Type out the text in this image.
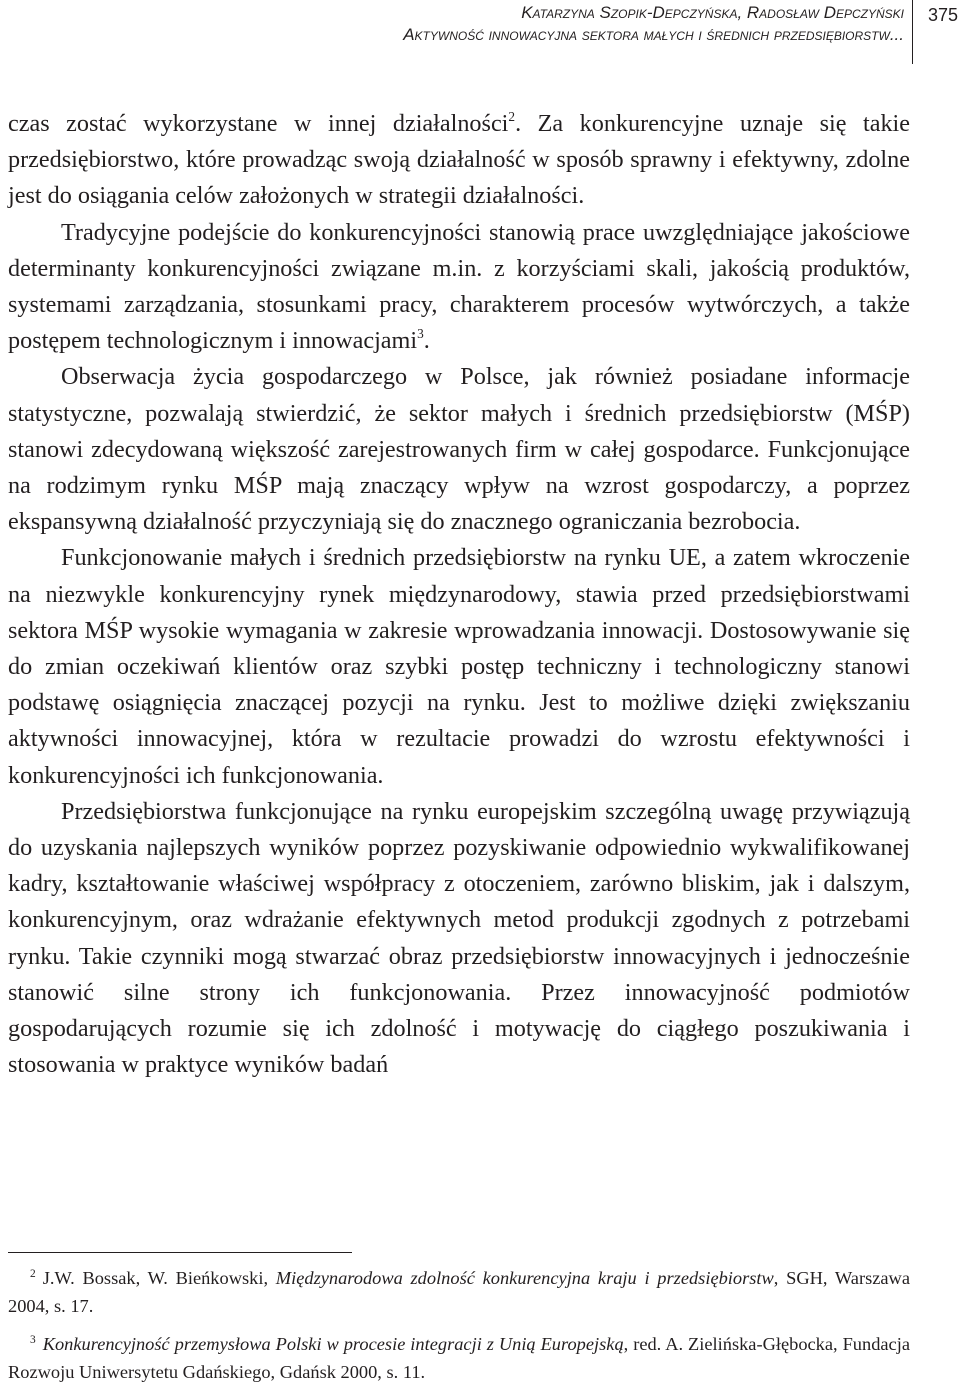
Katarzyna Szopik-Depczyńska, Radosław Depczyński
Aktywność innowacyjna sektora małych i średnich przedsiębiorstw...
375

czas zostać wykorzystane w innej działalności$^2$. Za konkurencyjne uznaje się takie przedsiębiorstwo, które prowadząc swoją działalność w sposób sprawny i efektywny, zdolne jest do osiągania celów założonych w strategii działalności.

Tradycyjne podejście do konkurencyjności stanowią prace uwzględniające jakościowe determinanty konkurencyjności związane m.in. z korzyściami skali, jakością produktów, systemami zarządzania, stosunkami pracy, charakterem procesów wytwórczych, a także postępem technologicznym i innowacjami$^3$.

Obserwacja życia gospodarczego w Polsce, jak również posiadane informacje statystyczne, pozwalają stwierdzić, że sektor małych i średnich przedsiębiorstw (MŚP) stanowi zdecydowaną większość zarejestrowanych firm w całej gospodarce. Funkcjonujące na rodzimym rynku MŚP mają znaczący wpływ na wzrost gospodarczy, a poprzez ekspansywną działalność przyczyniają się do znacznego ograniczania bezrobocia.

Funkcjonowanie małych i średnich przedsiębiorstw na rynku UE, a zatem wkroczenie na niezwykle konkurencyjny rynek międzynarodowy, stawia przed przedsiębiorstwami sektora MŚP wysokie wymagania w zakresie wprowadzania innowacji. Dostosowywanie się do zmian oczekiwań klientów oraz szybki postęp techniczny i technologiczny stanowi podstawę osiągnięcia znaczącej pozycji na rynku. Jest to możliwe dzięki zwiększaniu aktywności innowacyjnej, która w rezultacie prowadzi do wzrostu efektywności i konkurencyjności ich funkcjonowania.

Przedsiębiorstwa funkcjonujące na rynku europejskim szczególną uwagę przywiązują do uzyskania najlepszych wyników poprzez pozyskiwanie odpowiednio wykwalifikowanej kadry, kształtowanie właściwej współpracy z otoczeniem, zarówno bliskim, jak i dalszym, konkurencyjnym, oraz wdrażanie efektywnych metod produkcji zgodnych z potrzebami rynku. Takie czynniki mogą stwarzać obraz przedsiębiorstw innowacyjnych i jednocześnie stanowić silne strony ich funkcjonowania. Przez innowacyjność podmiotów gospodarujących rozumie się ich zdolność i motywację do ciągłego poszukiwania i stosowania w praktyce wyników badań

$^2$ J.W. Bossak, W. Bieńkowski, Międzynarodowa zdolność konkurencyjna kraju i przedsiębiorstw, SGH, Warszawa 2004, s. 17.

$^3$ Konkurencyjność przemysłowa Polski w procesie integracji z Unią Europejską, red. A. Zielińska-Głębocka, Fundacja Rozwoju Uniwersytetu Gdańskiego, Gdańsk 2000, s. 11.
